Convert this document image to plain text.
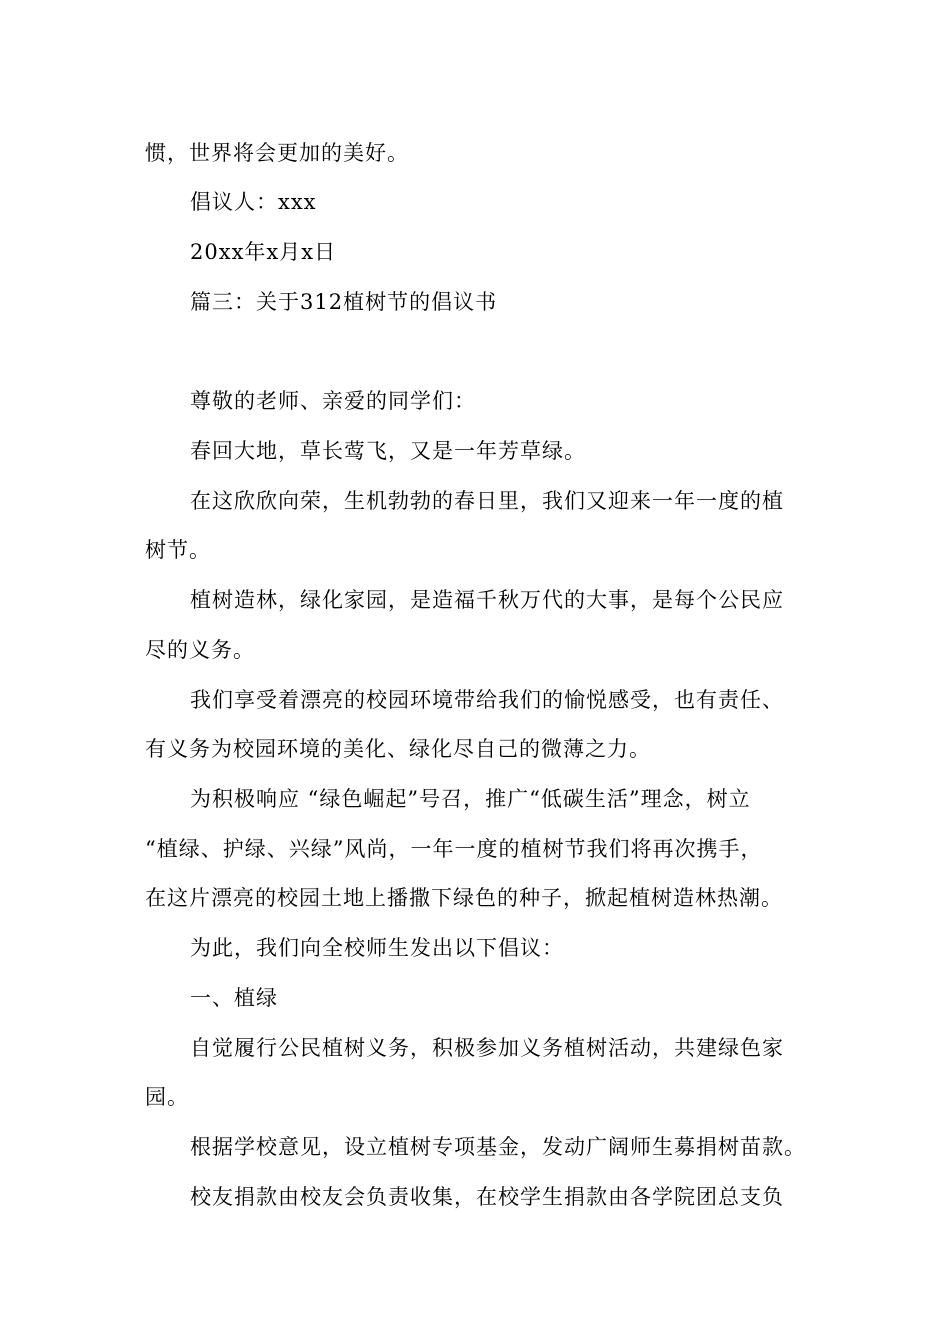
惯，世界将会更加的美好。
倡议人：xxx
20xx年x月x日
篇三：关于312植树节的倡议书
尊敬的老师、亲爱的同学们：
春回大地，草长莺飞，又是一年芳草绿。
在这欣欣向荣，生机勃勃的春日里，我们又迎来一年一度的植
树节。
植树造林，绿化家园，是造福千秋万代的大事，是每个公民应
尽的义务。
我们享受着漂亮的校园环境带给我们的愉悦感受，也有责任、
有义务为校园环境的美化、绿化尽自己的微薄之力。
为积极响应 “绿色崛起”号召，推广“低碳生活”理念，树立
“植绿、护绿、兴绿”风尚，一年一度的植树节我们将再次携手，
在这片漂亮的校园土地上播撒下绿色的种子，掀起植树造林热潮。
为此，我们向全校师生发出以下倡议：
一、植绿
自觉履行公民植树义务，积极参加义务植树活动，共建绿色家
园。
根据学校意见，设立植树专项基金，发动广阔师生募捐树苗款。
校友捐款由校友会负责收集，在校学生捐款由各学院团总支负
